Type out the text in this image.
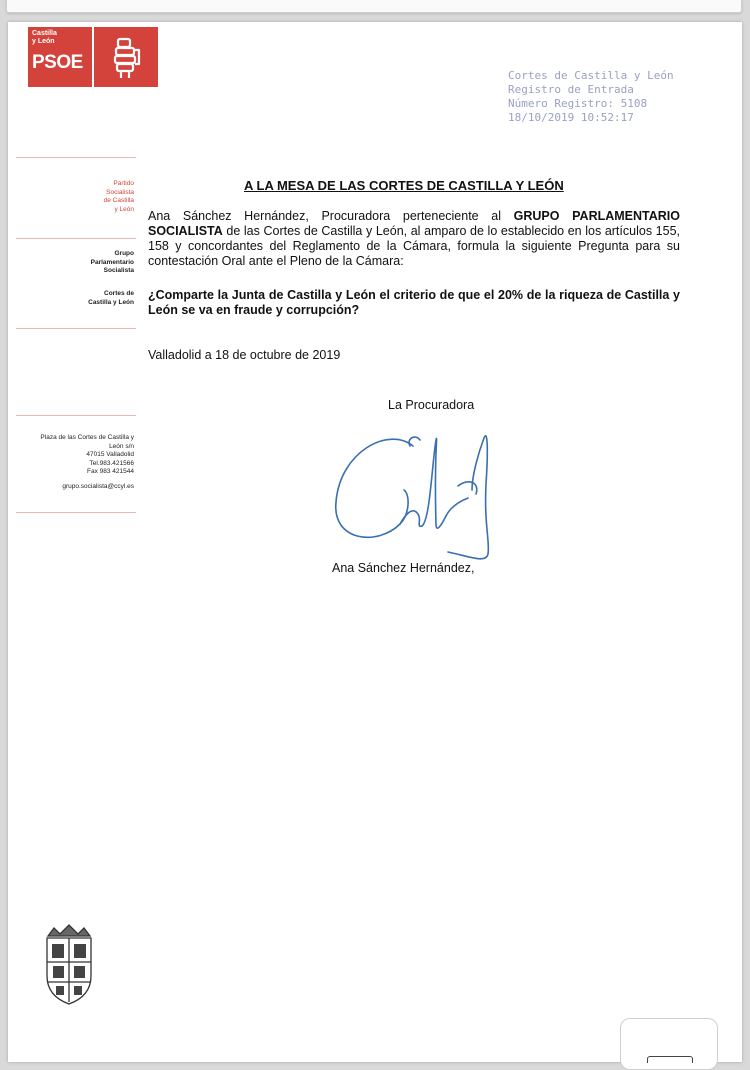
Castilla
y León
PSOE
Cortes de Castilla y León
Registro de Entrada
Número Registro: 5108
18/10/2019 10:52:17
Partido
Socialista
de Castilla
y León
Grupo
Parlamentario
Socialista
Cortes de
Castilla y León
Plaza de las Cortes de Castilla y
León s/n
47015 Valladolid
Tel.983.421566
Fax 983 421544
grupo.socialista@ccyl.es
A LA MESA DE LAS CORTES DE CASTILLA Y LEÓN
Ana Sánchez Hernández, Procuradora perteneciente al GRUPO PARLAMENTARIO SOCIALISTA de las Cortes de Castilla y León, al amparo de lo establecido en los artículos 155, 158 y concordantes del Reglamento de la Cámara, formula la siguiente Pregunta para su contestación Oral ante el Pleno de la Cámara:
¿Comparte la Junta de Castilla y León el criterio de que el 20% de la riqueza de Castilla y León se va en fraude y corrupción?
Valladolid a 18 de octubre de 2019
La Procuradora
Ana Sánchez Hernández,
